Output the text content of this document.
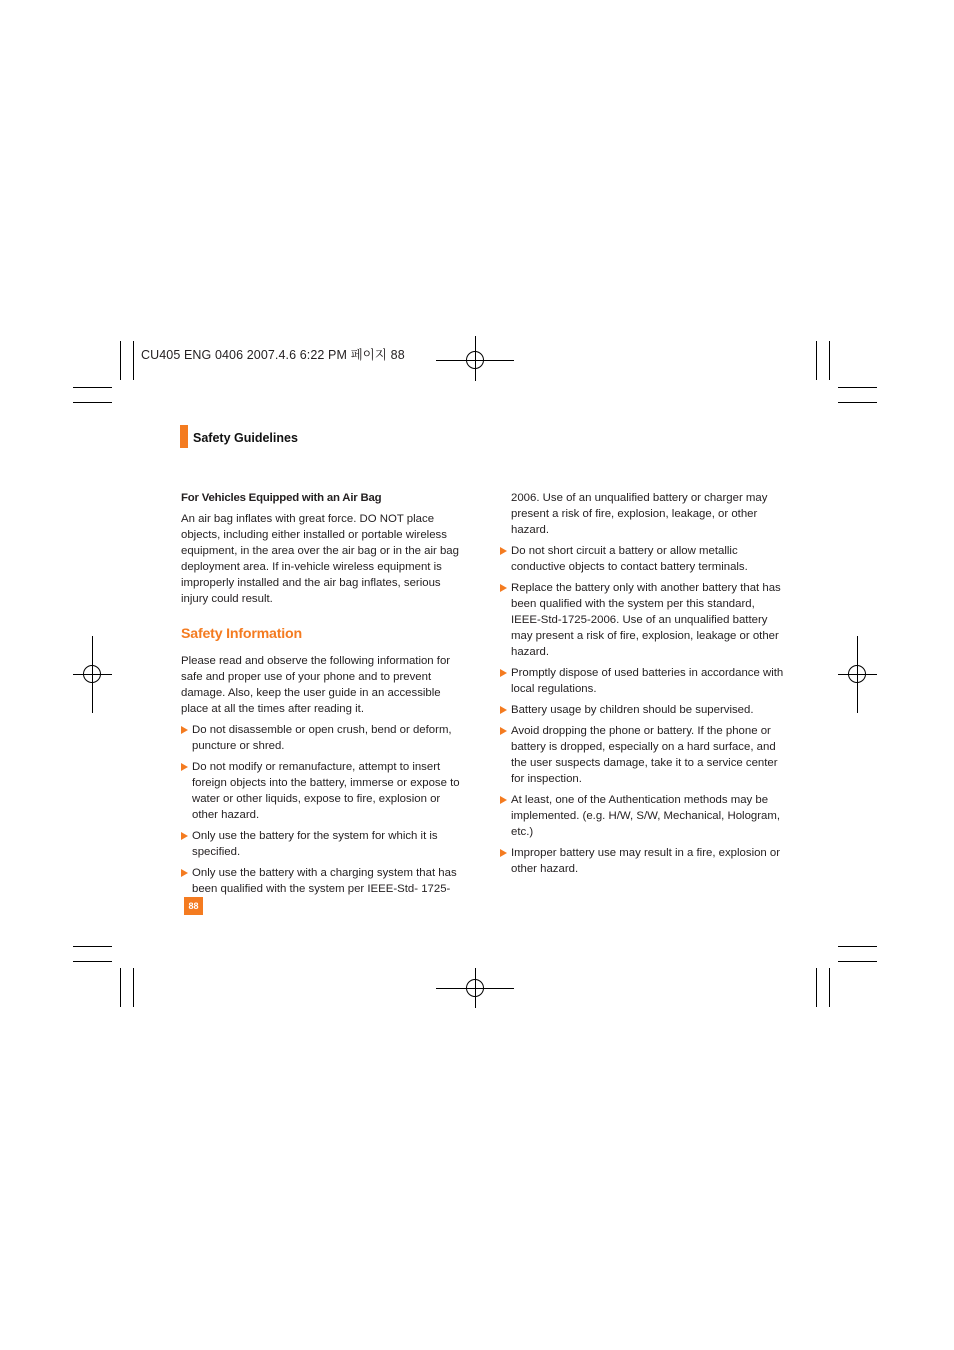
CU405 ENG 0406 2007.4.6 6:22 PM 페이지 88
Safety Guidelines
For Vehicles Equipped with an Air Bag

An air bag inflates with great force. DO NOT place objects, including either installed or portable wireless equipment, in the area over the air bag or in the air bag deployment area. If in-vehicle wireless equipment is improperly installed and the air bag inflates, serious injury could result.

Safety Information

Please read and observe the following information for safe and proper use of your phone and to prevent damage. Also, keep the user guide in an accessible place at all the times after reading it.

Do not disassemble or open crush, bend or deform, puncture or shred.
Do not modify or remanufacture, attempt to insert foreign objects into the battery, immerse or expose to water or other liquids, expose to fire, explosion or other hazard.
Only use the battery for the system for which it is specified.
Only use the battery with a charging system that has been qualified with the system per IEEE-Std- 1725-
2006. Use of an unqualified battery or charger may present a risk of fire, explosion, leakage, or other hazard.
Do not short circuit a battery or allow metallic conductive objects to contact battery terminals.
Replace the battery only with another battery that has been qualified with the system per this standard, IEEE-Std-1725-2006. Use of an unqualified battery may present a risk of fire, explosion, leakage or other hazard.
Promptly dispose of used batteries in accordance with local regulations.
Battery usage by children should be supervised.
Avoid dropping the phone or battery. If the phone or battery is dropped, especially on a hard surface, and the user suspects damage, take it to a service center for inspection.
At least, one of the Authentication methods may be implemented. (e.g. H/W, S/W, Mechanical, Hologram, etc.)
Improper battery use may result in a fire, explosion or other hazard.
88
